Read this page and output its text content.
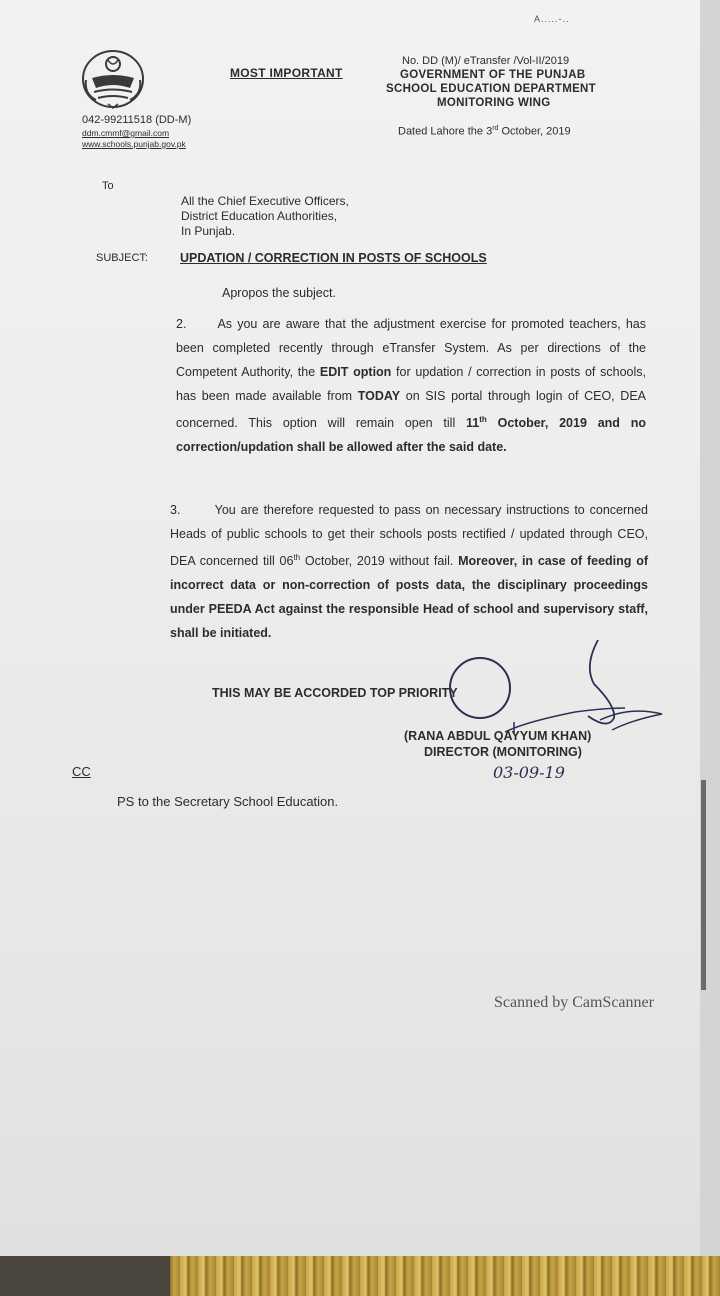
A.....-..
MOST IMPORTANT
No. DD (M)/ eTransfer /Vol-II/2019
GOVERNMENT OF THE PUNJAB
SCHOOL EDUCATION DEPARTMENT
MONITORING WING
042-99211518 (DD-M)
ddm.cmmf@gmail.com
www.schools.punjab.gov.pk
Dated Lahore the 3rd October, 2019
To
All the Chief Executive Officers,
District Education Authorities,
In Punjab.
SUBJECT:	UPDATION / CORRECTION IN POSTS OF SCHOOLS
Apropos the subject.
2. As you are aware that the adjustment exercise for promoted teachers, has been completed recently through eTransfer System. As per directions of the Competent Authority, the EDIT option for updation / correction in posts of schools, has been made available from TODAY on SIS portal through login of CEO, DEA concerned. This option will remain open till 11th October, 2019 and no correction/updation shall be allowed after the said date.
3.	You are therefore requested to pass on necessary instructions to concerned Heads of public schools to get their schools posts rectified / updated through CEO, DEA concerned till 06th October, 2019 without fail. Moreover, in case of feeding of incorrect data or non-correction of posts data, the disciplinary proceedings under PEEDA Act against the responsible Head of school and supervisory staff, shall be initiated.
THIS MAY BE ACCORDED TOP PRIORITY
(RANA ABDUL QAYYUM KHAN)
DIRECTOR (MONITORING)
03-09-19
CC
PS to the Secretary School Education.
Scanned by CamScanner
